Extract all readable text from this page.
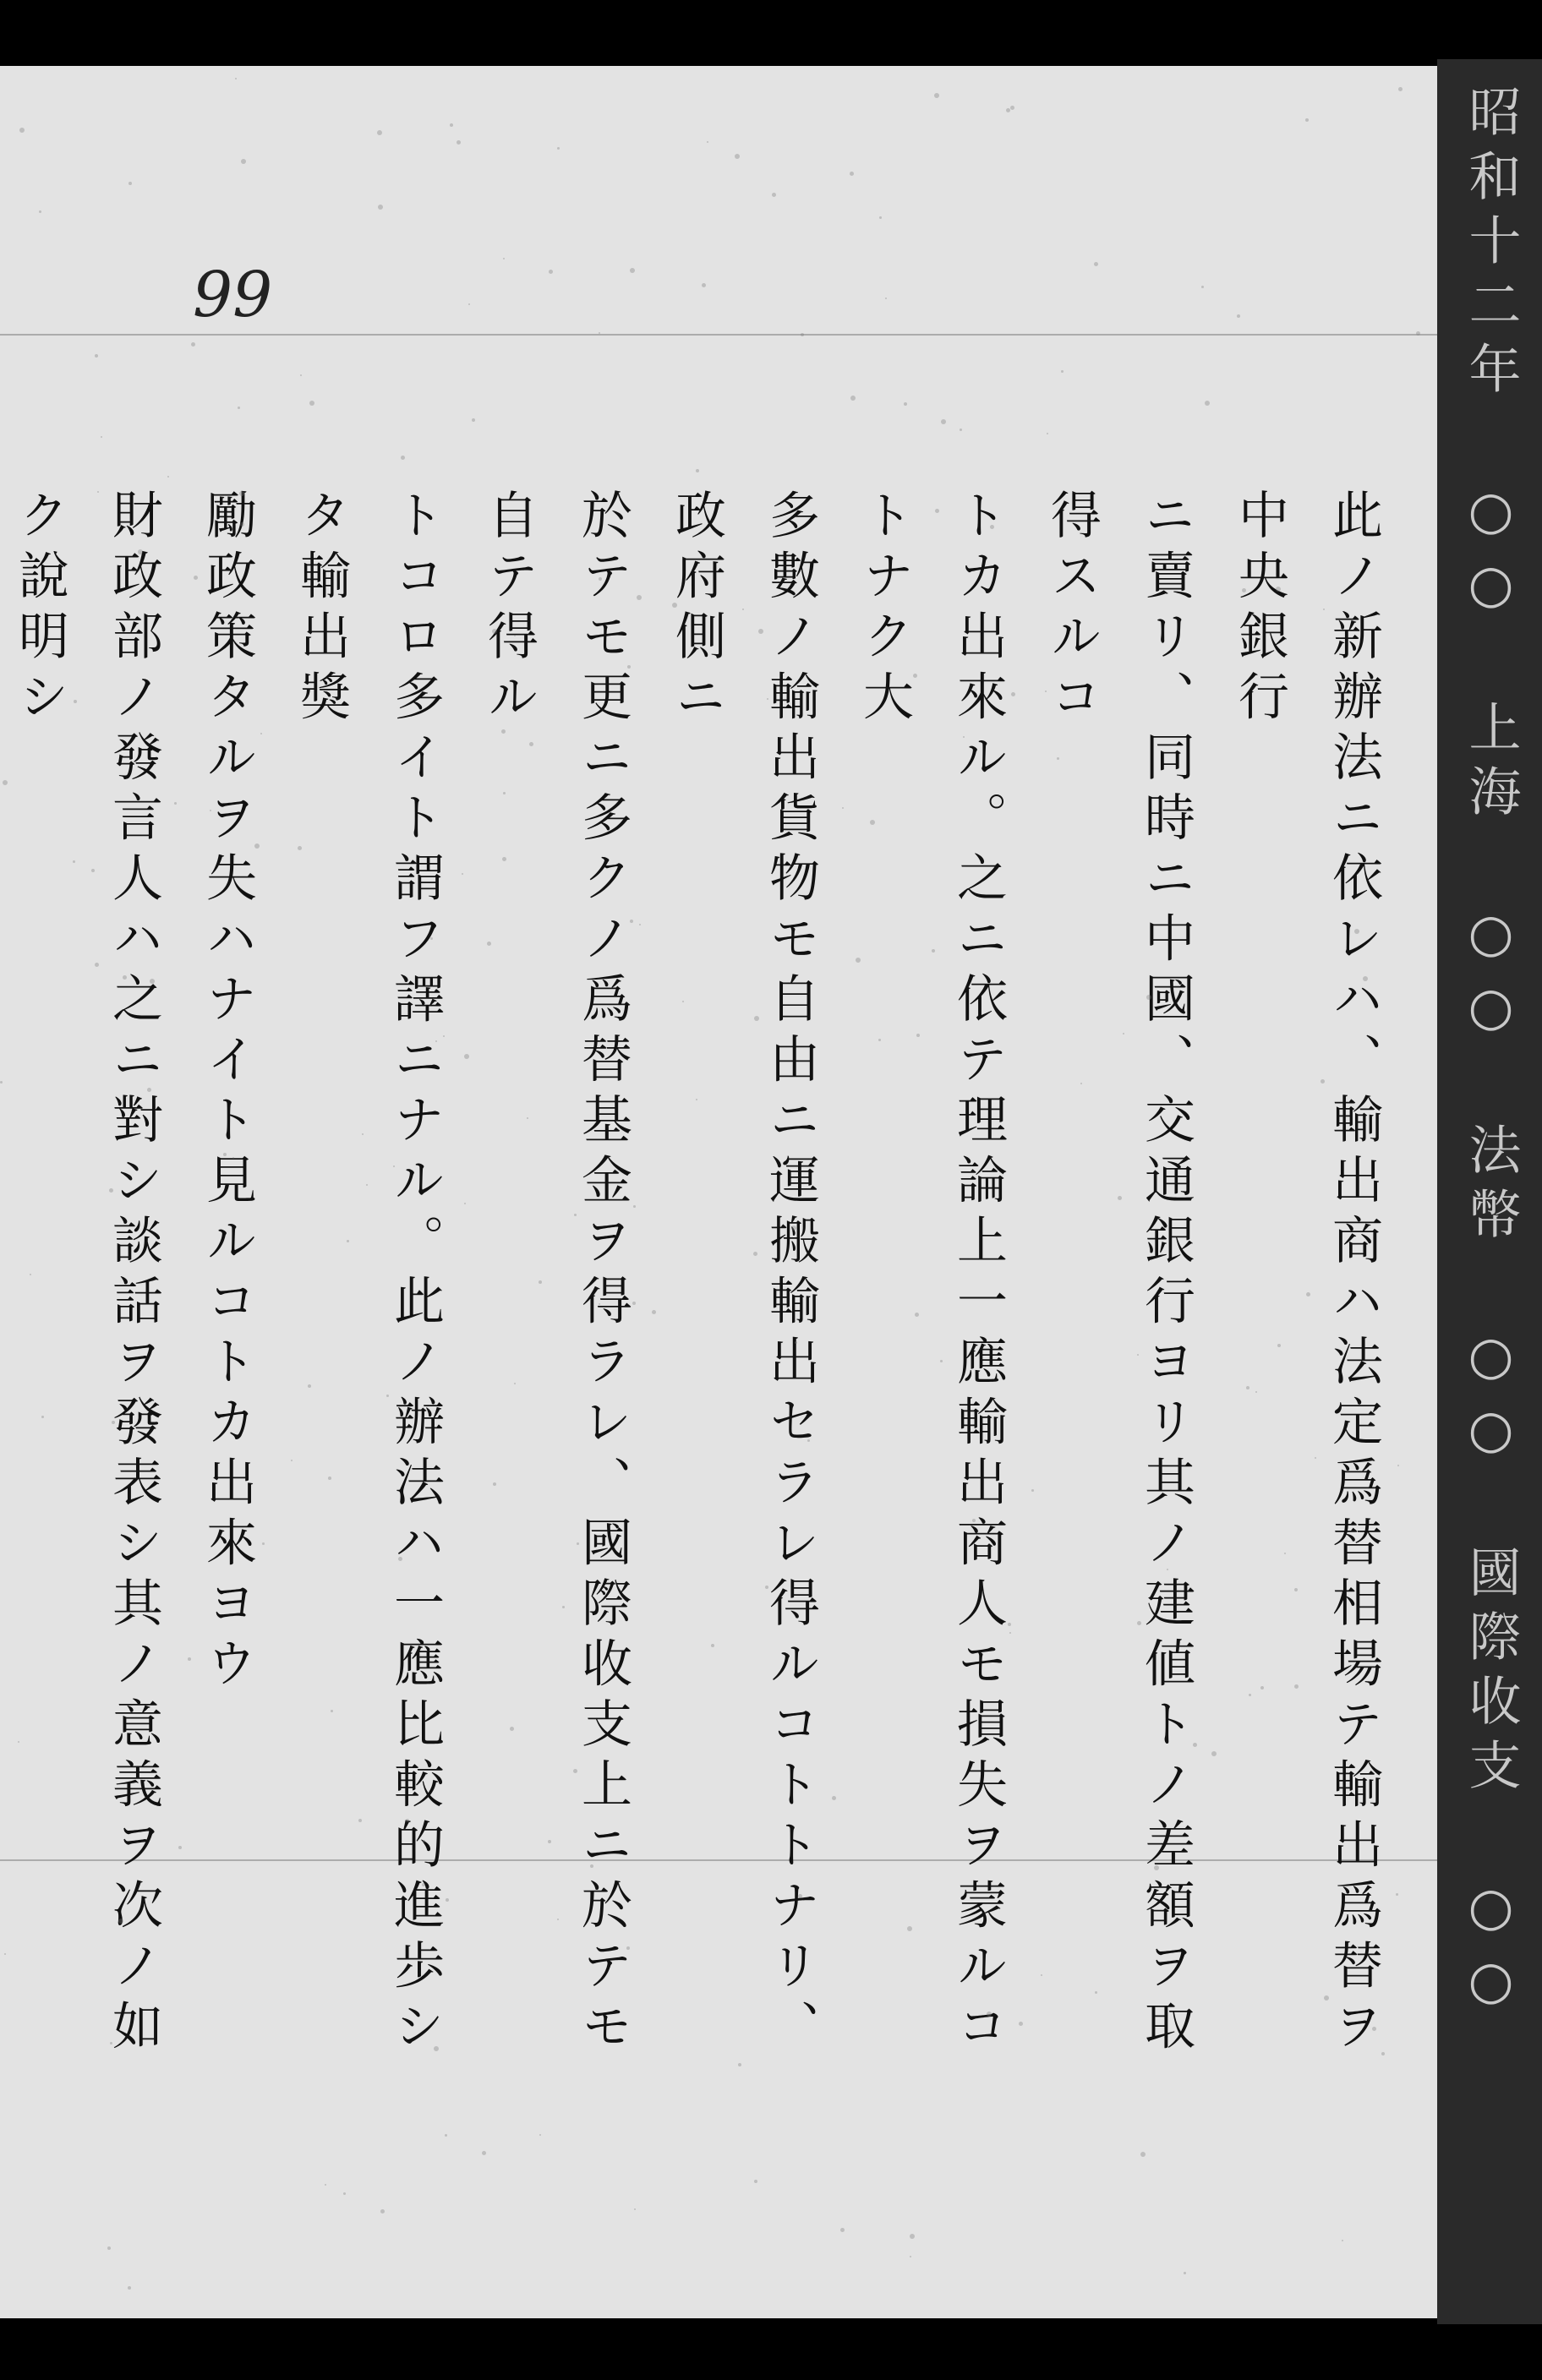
昭和十二年 ○○ 上海 ○○ 法幣 ○○ 國際收支 ○○
99
此ノ新辦法ニ依レハ、輸出商ハ法定爲替相場テ輸出爲替ヲ中央銀行
ニ賣リ、同時ニ中國、交通銀行ヨリ其ノ建値トノ差額ヲ取得スルコ
トカ出來ル。之ニ依テ理論上一應輸出商人モ損失ヲ蒙ルコトナク大
多數ノ輸出貨物モ自由ニ運搬輸出セラレ得ルコトトナリ、政府側ニ
於テモ更ニ多クノ爲替基金ヲ得ラレ、國際收支上ニ於テモ自テ得ル
トコロ多イト謂フ譯ニナル。此ノ辦法ハ一應比較的進歩シタ輸出獎
勵政策タルヲ失ハナイト見ルコトカ出來ヨウ
財政部ノ發言人ハ之ニ對シ談話ヲ發表シ其ノ意義ヲ次ノ如ク說明シ
